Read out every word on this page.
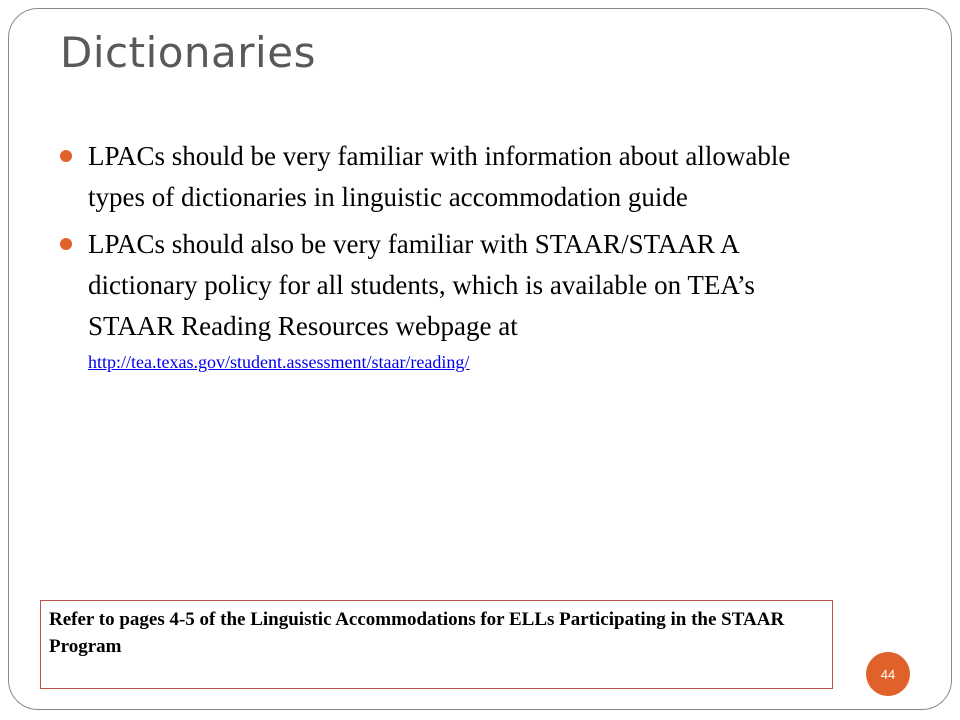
Dictionaries
LPACs should be very familiar with information about allowable types of dictionaries in linguistic accommodation guide
LPACs should also be very familiar with STAAR/STAAR A dictionary policy for all students, which is available on TEA’s STAAR Reading Resources webpage at
http://tea.texas.gov/student.assessment/staar/reading/

Refer to pages 4-5 of the Linguistic Accommodations for ELLs Participating in the STAAR Program

44
